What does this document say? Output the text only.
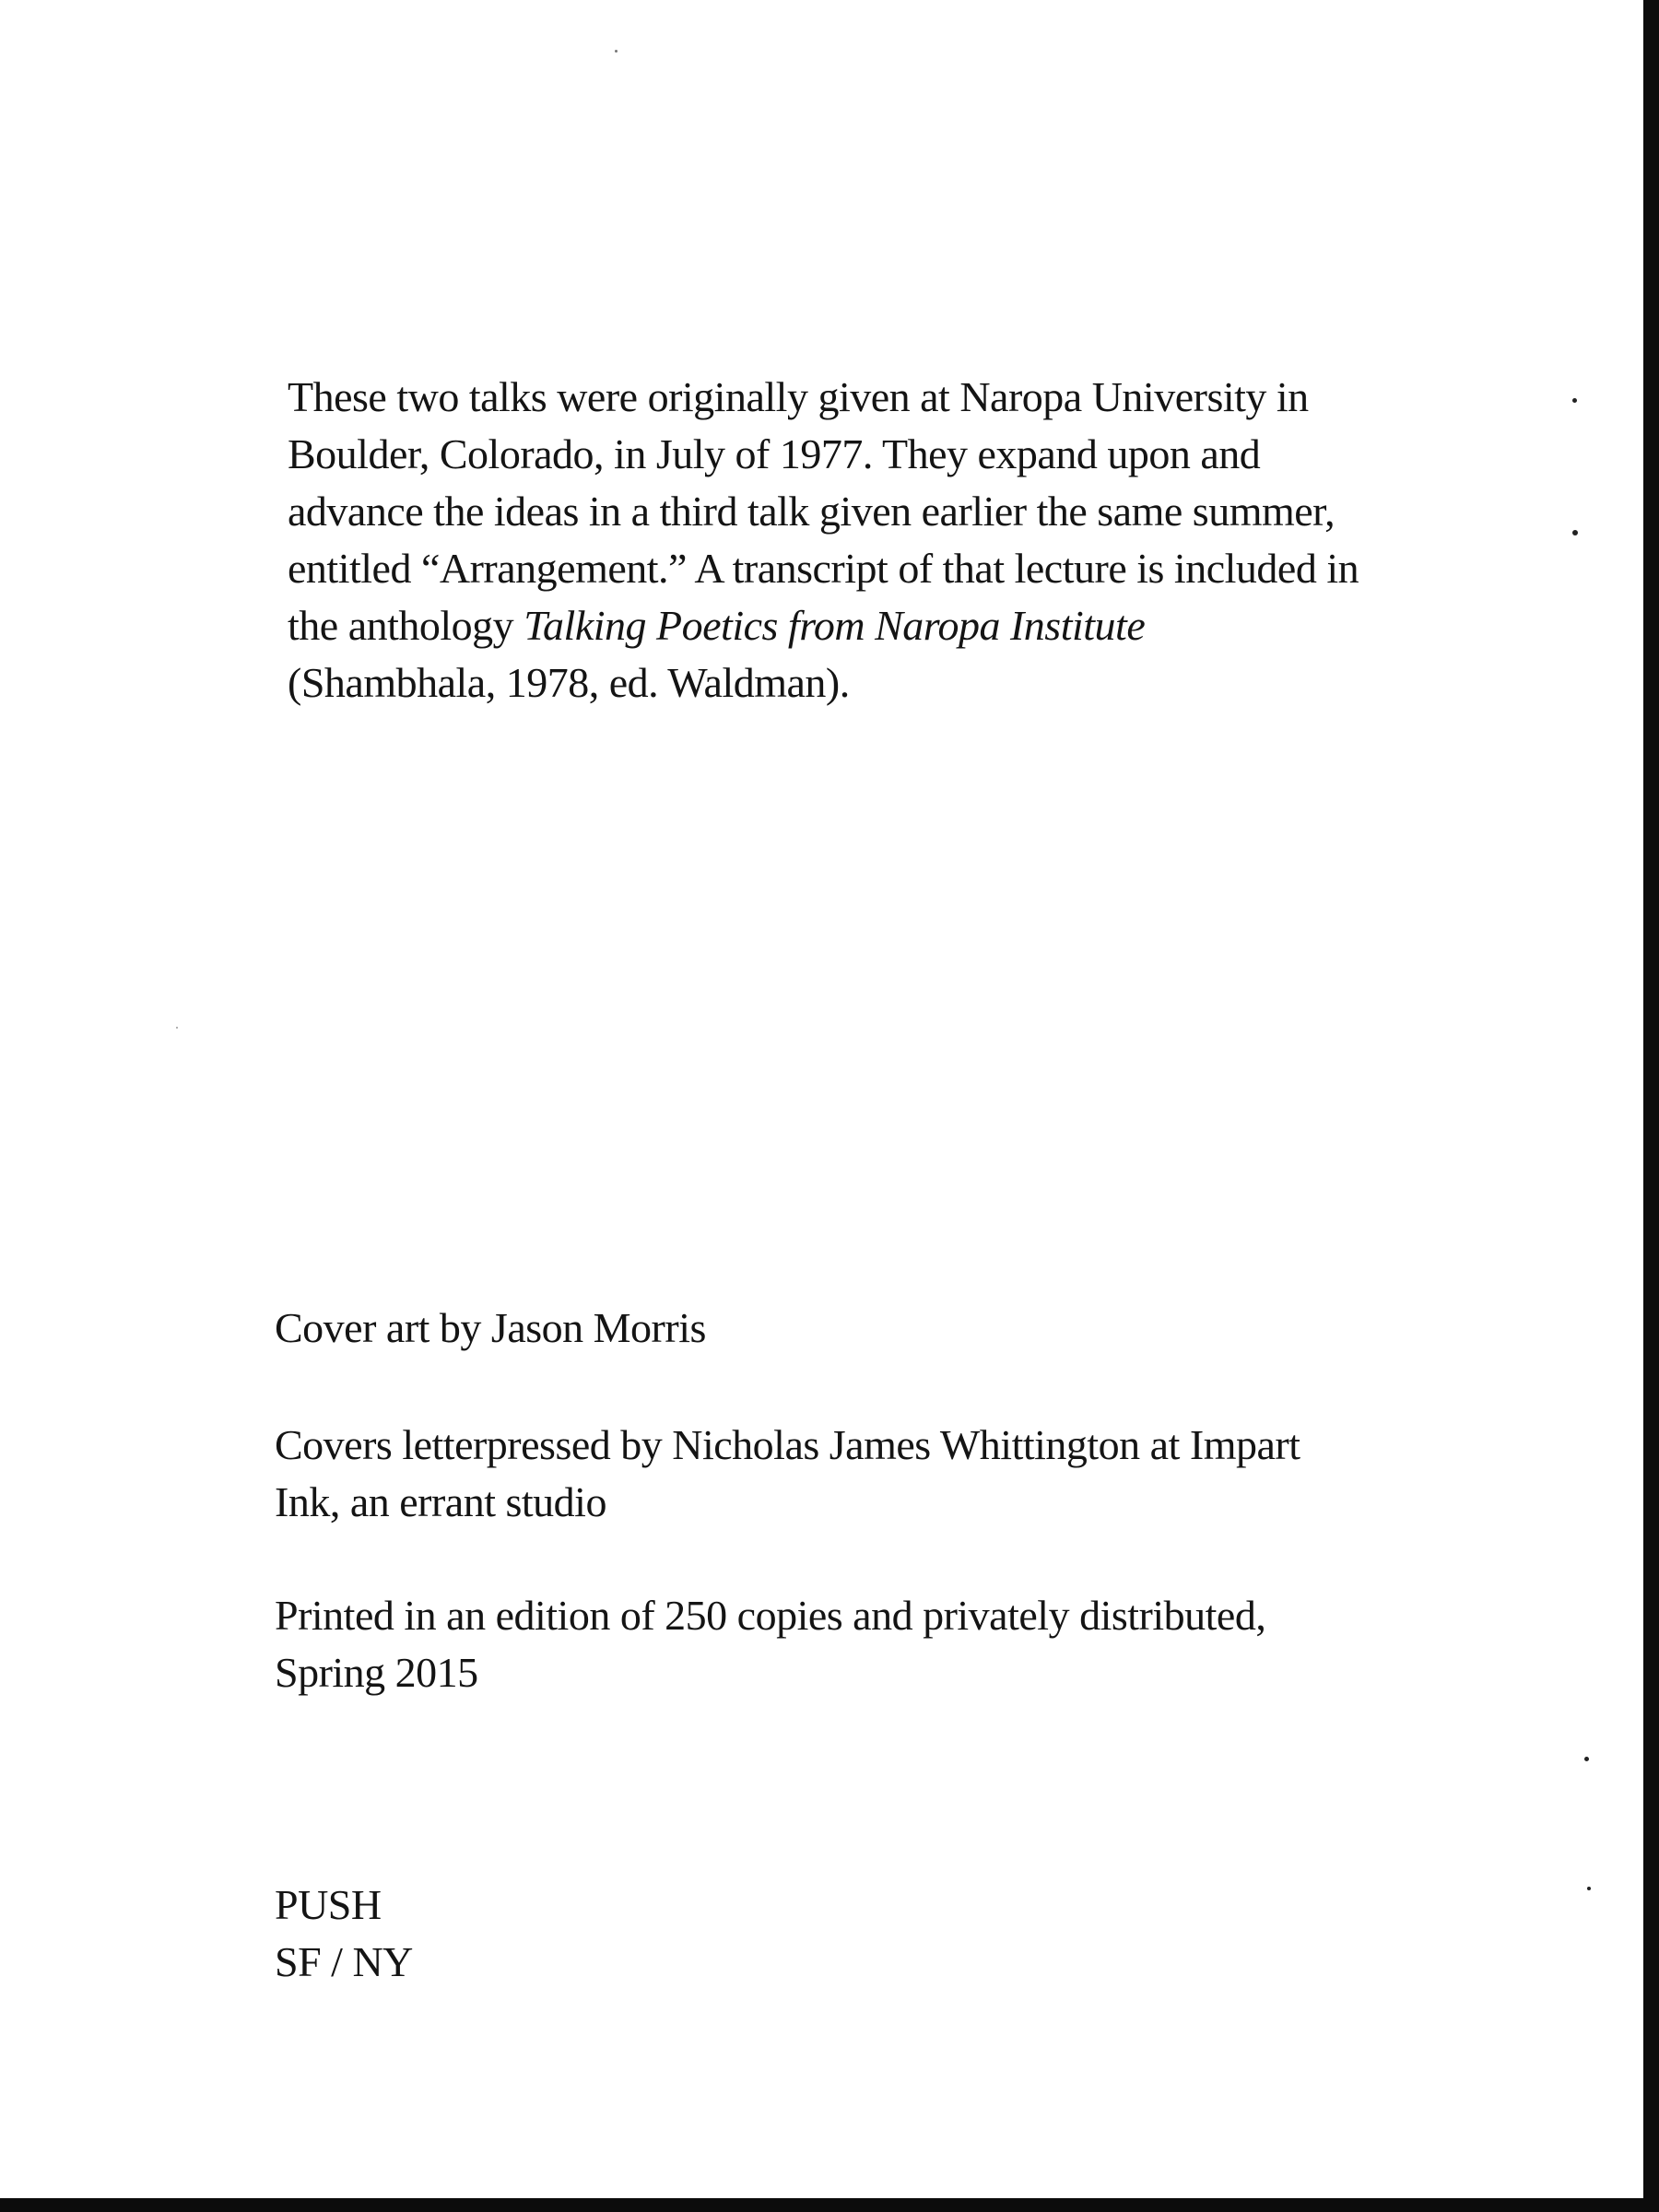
These two talks were originally given at Naropa University in
Boulder, Colorado, in July of 1977. They expand upon and
advance the ideas in a third talk given earlier the same summer,
entitled “Arrangement.” A transcript of that lecture is included in
the anthology Talking Poetics from Naropa Institute
(Shambhala, 1978, ed. Waldman).

Cover art by Jason Morris

Covers letterpressed by Nicholas James Whittington at Impart
Ink, an errant studio

Printed in an edition of 250 copies and privately distributed,
Spring 2015

PUSH
SF / NY
